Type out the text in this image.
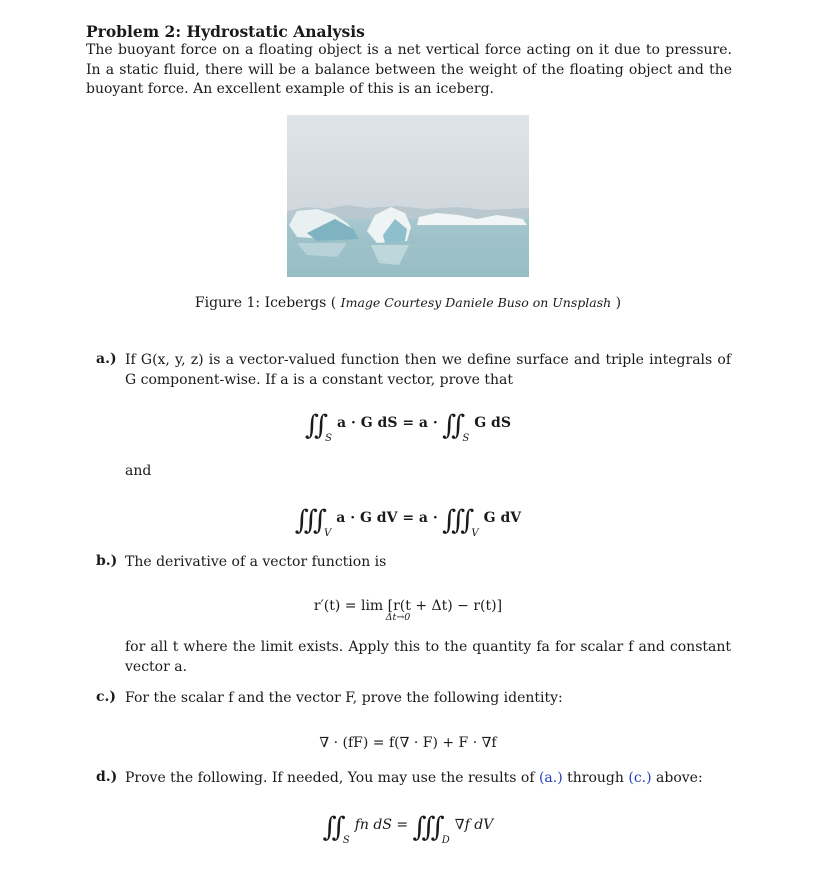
Problem 2: Hydrostatic Analysis
The buoyant force on a floating object is a net vertical force acting on it due to pressure. In a static fluid, there will be a balance between the weight of the floating object and the buoyant force. An excellent example of this is an iceberg.
Figure 1: Icebergs ( Image Courtesy Daniele Buso on Unsplash )
a.) If G(x, y, z) is a vector-valued function then we define surface and triple integrals of G component-wise. If a is a constant vector, prove that
∫∫ $_S$a · G dS = a · ∫∫ $_S$G dS
and
∫∫∫ $_V$a · G dV = a · ∫∫∫ $_V$G dV
b.) The derivative of a vector function is
r′(t) = lim [r(t + Δt) − r(t)]
Δt→0
for all t where the limit exists. Apply this to the quantity fa for scalar f and constant vector a.
c.) For the scalar f and the vector F, prove the following identity:
∇ · (fF) = f(∇ · F) + F · ∇f
d.) Prove the following. If needed, You may use the results of (a.) through (c.) above:
∫∫ $_S$fn dS = ∫∫∫ $_D$∇f dV
